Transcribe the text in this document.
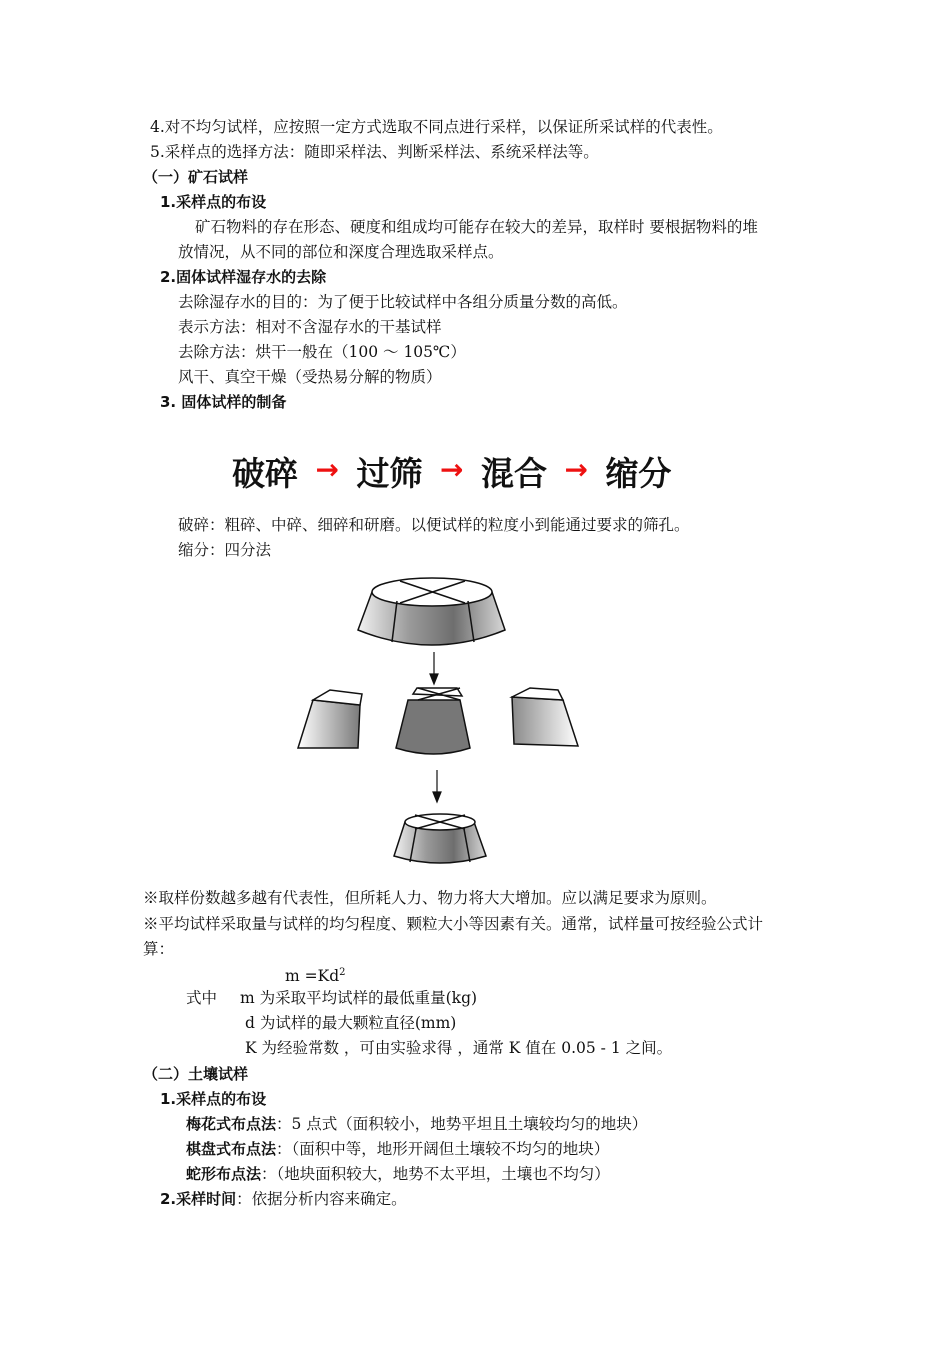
4.对不均匀试样，应按照一定方式选取不同点进行采样，以保证所采试样的代表性。
5.采样点的选择方法：随即采样法、判断采样法、系统采样法等。
（一）矿石试样
1.采样点的布设
矿石物料的存在形态、硬度和组成均可能存在较大的差异，取样时 要根据物料的堆
放情况，从不同的部位和深度合理选取采样点。
2.固体试样湿存水的去除
去除湿存水的目的：为了便于比较试样中各组分质量分数的高低。
表示方法：相对不含湿存水的干基试样
去除方法：烘干一般在（100 ～ 105℃）
风干、真空干燥（受热易分解的物质）
3. 固体试样的制备
破碎 → 过筛 → 混合 → 缩分
破碎：粗碎、中碎、细碎和研磨。以便试样的粒度小到能通过要求的筛孔。
缩分：四分法
※取样份数越多越有代表性，但所耗人力、物力将大大增加。应以满足要求为原则。
※平均试样采取量与试样的均匀程度、颗粒大小等因素有关。通常，试样量可按经验公式计
算：
$m =Kd^2$
式中 m 为采取平均试样的最低重量(kg)
d 为试样的最大颗粒直径(mm)
K 为经验常数 ，可由实验求得 ，通常 K 值在 0.05 - 1 之间。
（二）土壤试样
1.采样点的布设
梅花式布点法：5 点式（面积较小，地势平坦且土壤较均匀的地块）
棋盘式布点法：（面积中等，地形开阔但土壤较不均匀的地块）
蛇形布点法：（地块面积较大，地势不太平坦，土壤也不均匀）
2.采样时间：依据分析内容来确定。
